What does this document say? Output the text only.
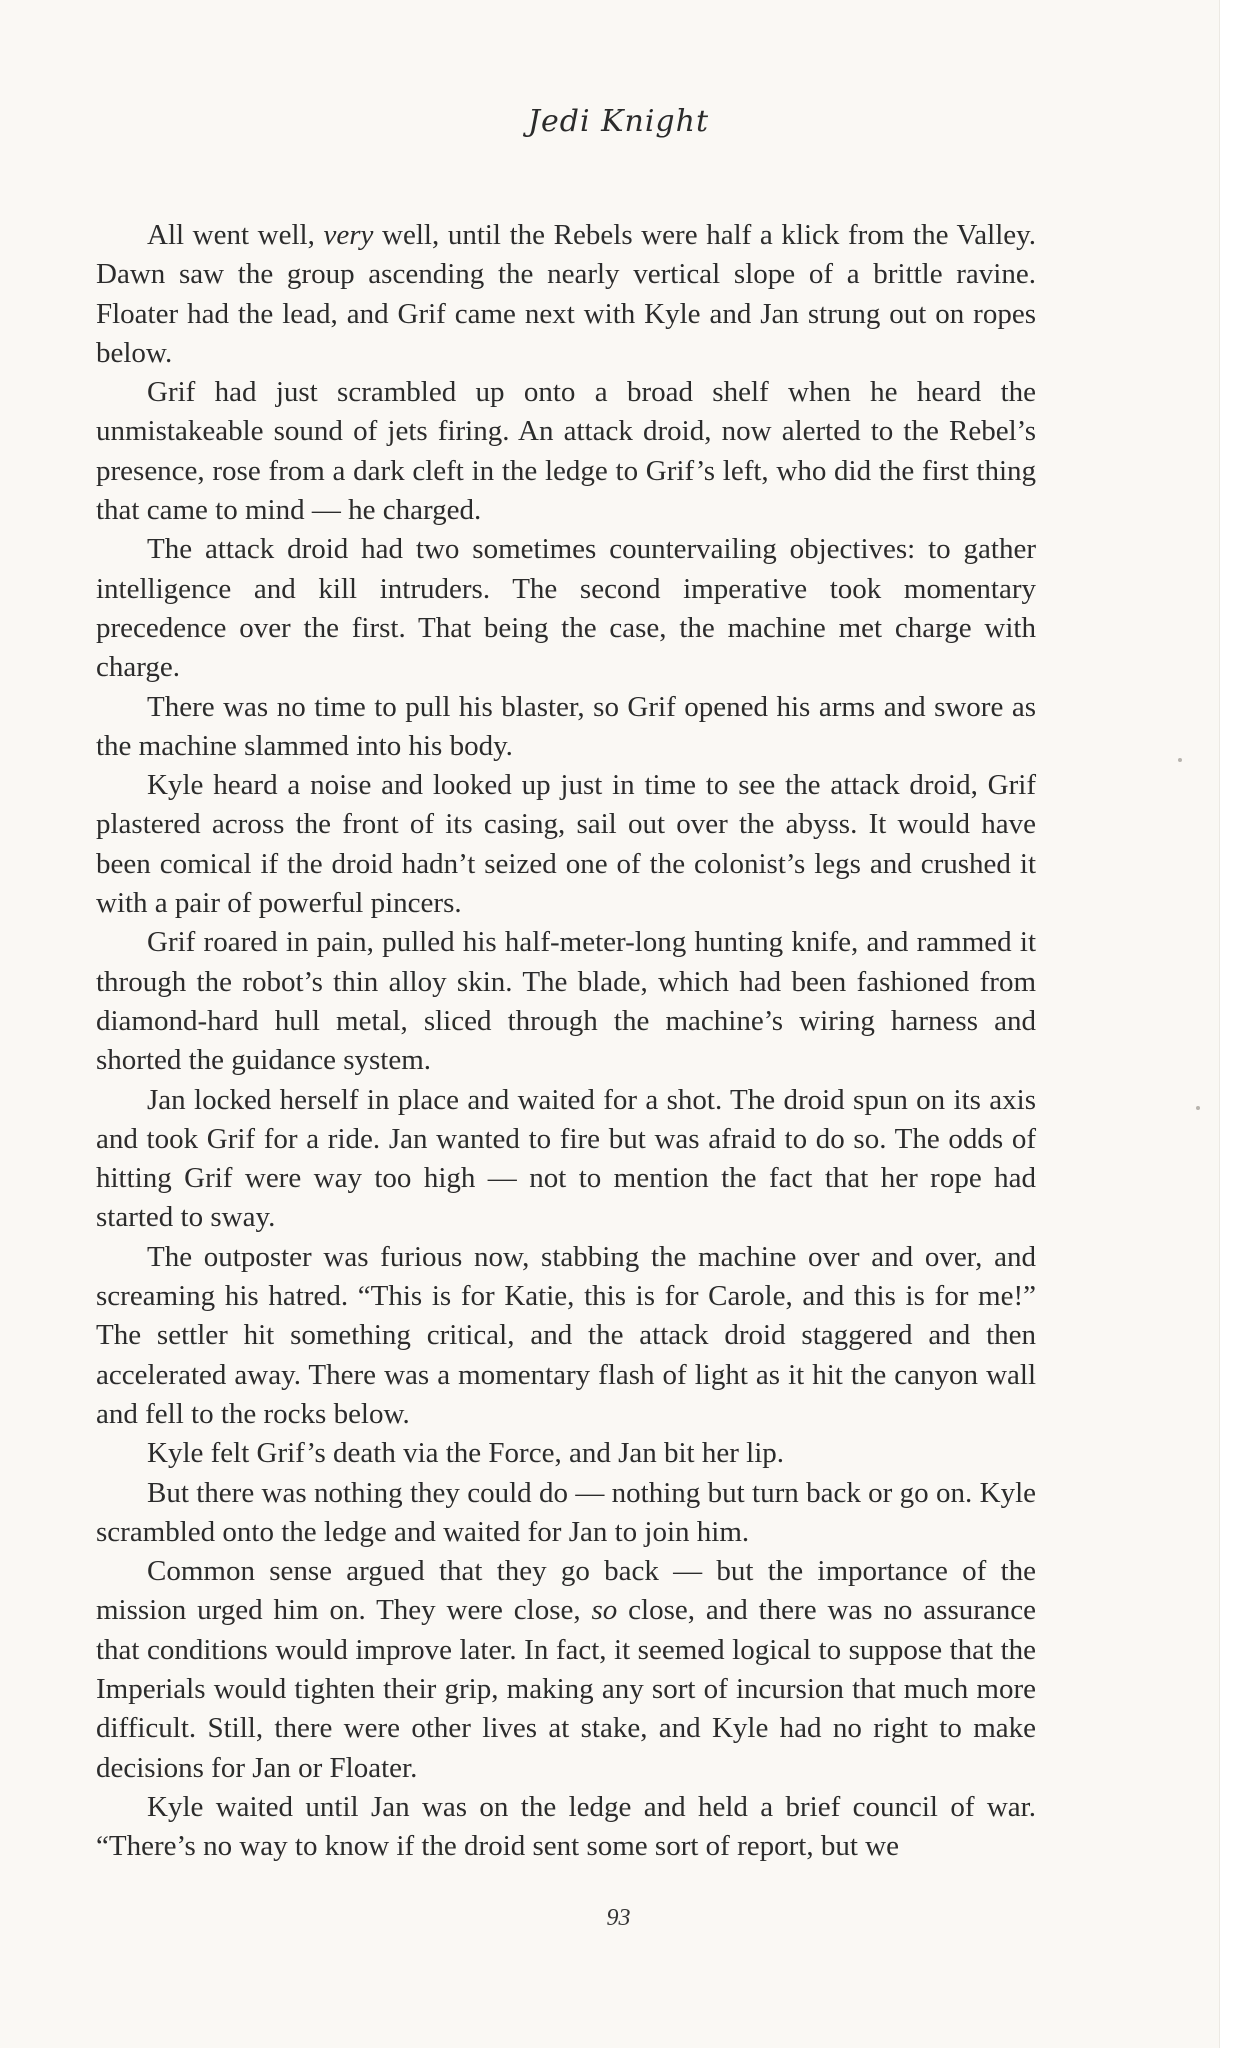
Jedi Knight

All went well, very well, until the Rebels were half a klick from the Valley. Dawn saw the group ascending the nearly vertical slope of a brittle ravine. Floater had the lead, and Grif came next with Kyle and Jan strung out on ropes below.

Grif had just scrambled up onto a broad shelf when he heard the unmistakeable sound of jets firing. An attack droid, now alerted to the Rebel’s presence, rose from a dark cleft in the ledge to Grif’s left, who did the first thing that came to mind — he charged.

The attack droid had two sometimes countervailing objectives: to gather intelligence and kill intruders. The second imperative took momentary precedence over the first. That being the case, the machine met charge with charge.

There was no time to pull his blaster, so Grif opened his arms and swore as the machine slammed into his body.

Kyle heard a noise and looked up just in time to see the attack droid, Grif plastered across the front of its casing, sail out over the abyss. It would have been comical if the droid hadn’t seized one of the colonist’s legs and crushed it with a pair of powerful pincers.

Grif roared in pain, pulled his half-meter-long hunting knife, and rammed it through the robot’s thin alloy skin. The blade, which had been fashioned from diamond-hard hull metal, sliced through the machine’s wiring harness and shorted the guidance system.

Jan locked herself in place and waited for a shot. The droid spun on its axis and took Grif for a ride. Jan wanted to fire but was afraid to do so. The odds of hitting Grif were way too high — not to mention the fact that her rope had started to sway.

The outposter was furious now, stabbing the machine over and over, and screaming his hatred. “This is for Katie, this is for Carole, and this is for me!” The settler hit something critical, and the attack droid staggered and then accelerated away. There was a momentary flash of light as it hit the canyon wall and fell to the rocks below.

Kyle felt Grif’s death via the Force, and Jan bit her lip.

But there was nothing they could do — nothing but turn back or go on. Kyle scrambled onto the ledge and waited for Jan to join him.

Common sense argued that they go back — but the importance of the mission urged him on. They were close, so close, and there was no assurance that conditions would improve later. In fact, it seemed logical to suppose that the Imperials would tighten their grip, making any sort of incursion that much more difficult. Still, there were other lives at stake, and Kyle had no right to make decisions for Jan or Floater.

Kyle waited until Jan was on the ledge and held a brief council of war. “There’s no way to know if the droid sent some sort of report, but we

93
